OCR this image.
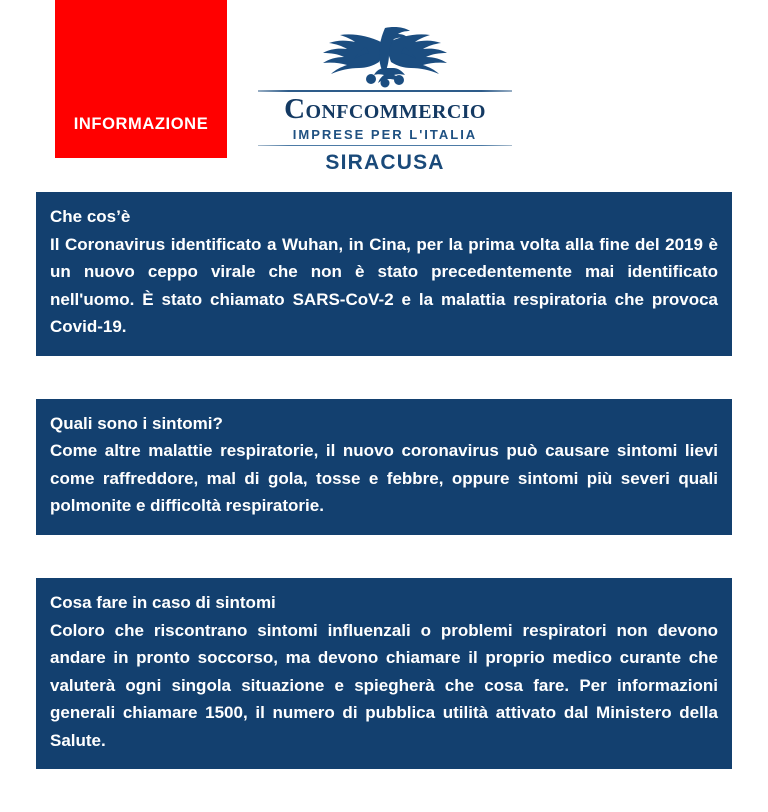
INFORMAZIONE	Confcommercio
IMPRESE PER L'ITALIA
SIRACUSA
Che cos’è
Il Coronavirus identificato a Wuhan, in Cina, per la prima volta alla fine del 2019 è un nuovo ceppo virale che non è stato precedentemente mai identificato nell'uomo. È stato chiamato SARS-CoV-2 e la malattia respiratoria che provoca Covid-19.
Quali sono i sintomi?
Come altre malattie respiratorie, il nuovo coronavirus può causare sintomi lievi come raffreddore, mal di gola, tosse e febbre, oppure sintomi più severi quali polmonite e difficoltà respiratorie.
Cosa fare in caso di sintomi
Coloro che riscontrano sintomi influenzali o problemi respiratori non devono andare in pronto soccorso, ma devono chiamare il proprio medico curante che valuterà ogni singola situazione e spiegherà che cosa fare. Per informazioni generali chiamare 1500, il numero di pubblica utilità attivato dal Ministero della Salute.
